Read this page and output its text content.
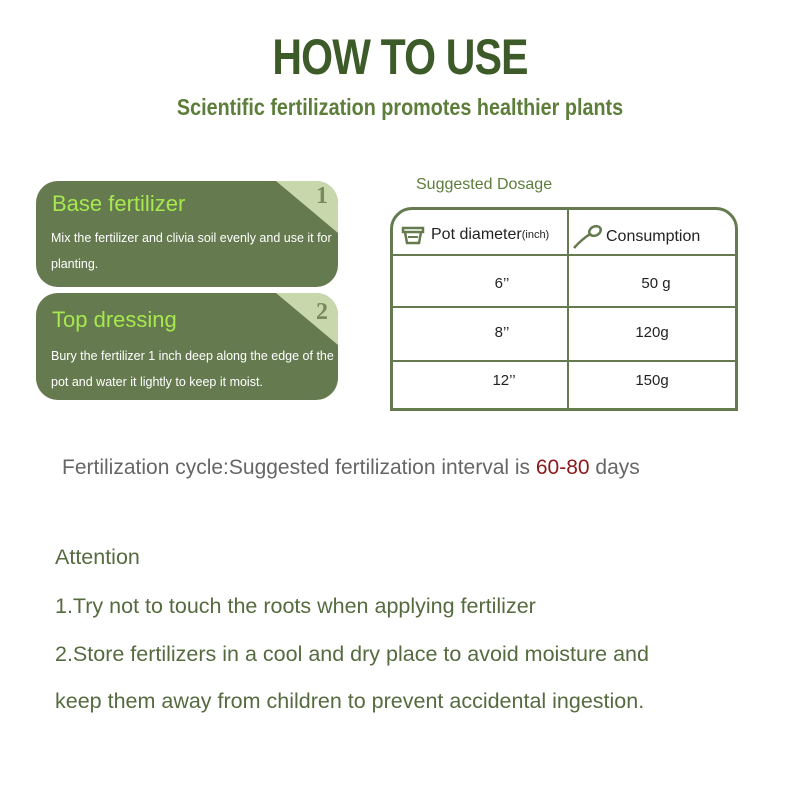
HOW TO USE
Scientific fertilization promotes healthier plants
1
Base fertilizer
Mix the fertilizer and clivia soil evenly and use it for planting.
2
Top dressing
Bury the fertilizer 1 inch deep along the edge of the pot and water it lightly to keep it moist.
Suggested Dosage
Pot diameter (inch)	Consumption
6’’	50 g
8’’	120g
12’’	150g
Fertilization cycle:Suggested fertilization interval is 60-80 days
Attention
1.Try not to touch the roots when applying fertilizer
2.Store fertilizers in a cool and dry place to avoid moisture and
keep them away from children to prevent accidental ingestion.
